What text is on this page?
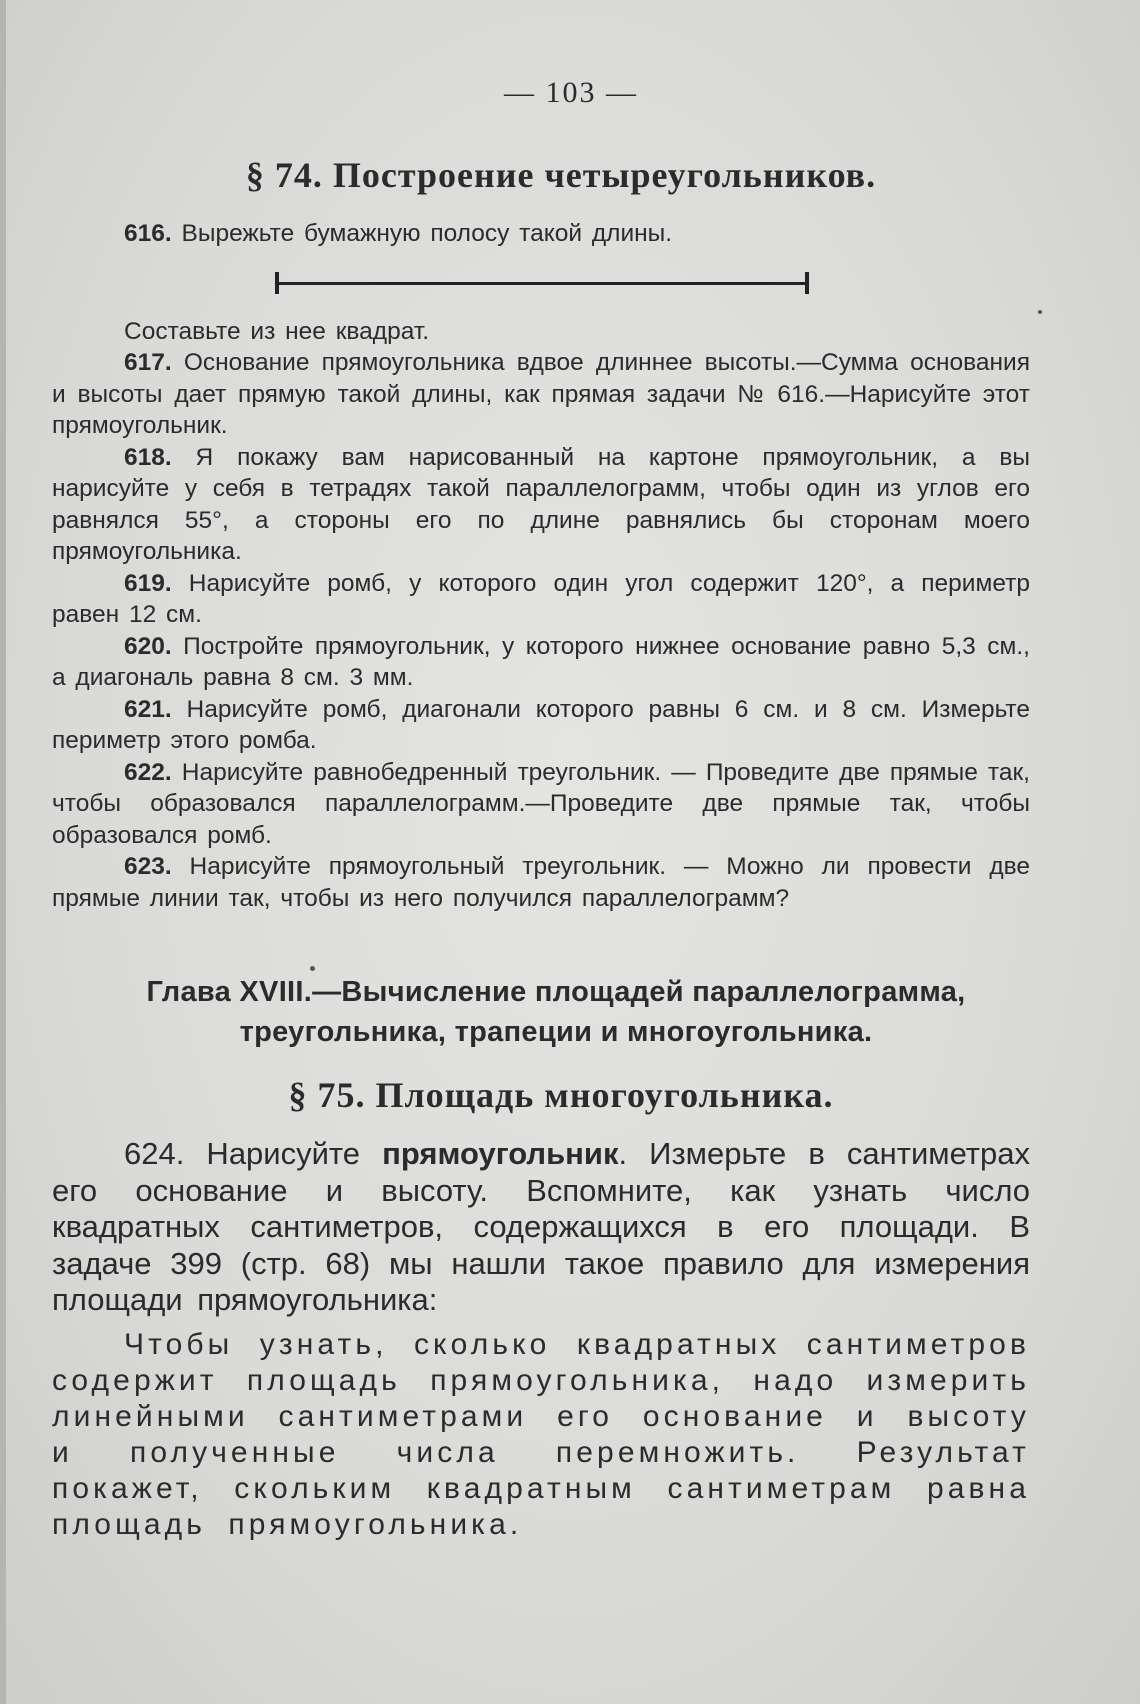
— 103 —
§ 74. Построение четыреугольников.

616. Вырежьте бумажную полосу такой длины.

Составьте из нее квадрат.

617. Основание прямоугольника вдвое длиннее высоты.—Сумма основания и высоты дает прямую такой длины, как прямая задачи № 616.—Нарисуйте этот прямоугольник.

618. Я покажу вам нарисованный на картоне прямоугольник, а вы нарисуйте у себя в тетрадях такой параллелограмм, чтобы один из углов его равнялся 55°, а стороны его по длине равнялись бы сторонам моего прямоугольника.

619. Нарисуйте ромб, у которого один угол содержит 120°, а периметр равен 12 см.

620. Постройте прямоугольник, у которого нижнее основание равно 5,3 см., а диагональ равна 8 см. 3 мм.

621. Нарисуйте ромб, диагонали которого равны 6 см. и 8 см. Измерьте периметр этого ромба.

622. Нарисуйте равнобедренный треугольник. — Проведите две прямые так, чтобы образовался параллелограмм.—Проведите две прямые так, чтобы образовался ромб.

623. Нарисуйте прямоугольный треугольник. — Можно ли провести две прямые линии так, чтобы из него получился параллелограмм?

Глава XVIII.—Вычисление площадей параллелограмма,
треугольника, трапеции и многоугольника.
§ 75. Площадь многоугольника.

624. Нарисуйте прямоугольник. Измерьте в сантиметрах его основание и высоту. Вспомните, как узнать число квадратных сантиметров, содержащихся в его площади. В задаче 399 (стр. 68) мы нашли такое правило для измерения площади прямоугольника:

Чтобы узнать, сколько квадратных сантиметров содержит площадь прямоугольника, надо измерить линейными сантиметрами его основание и высоту и полученные числа перемножить. Результат покажет, скольким квадратным сантиметрам равна площадь прямоугольника.
